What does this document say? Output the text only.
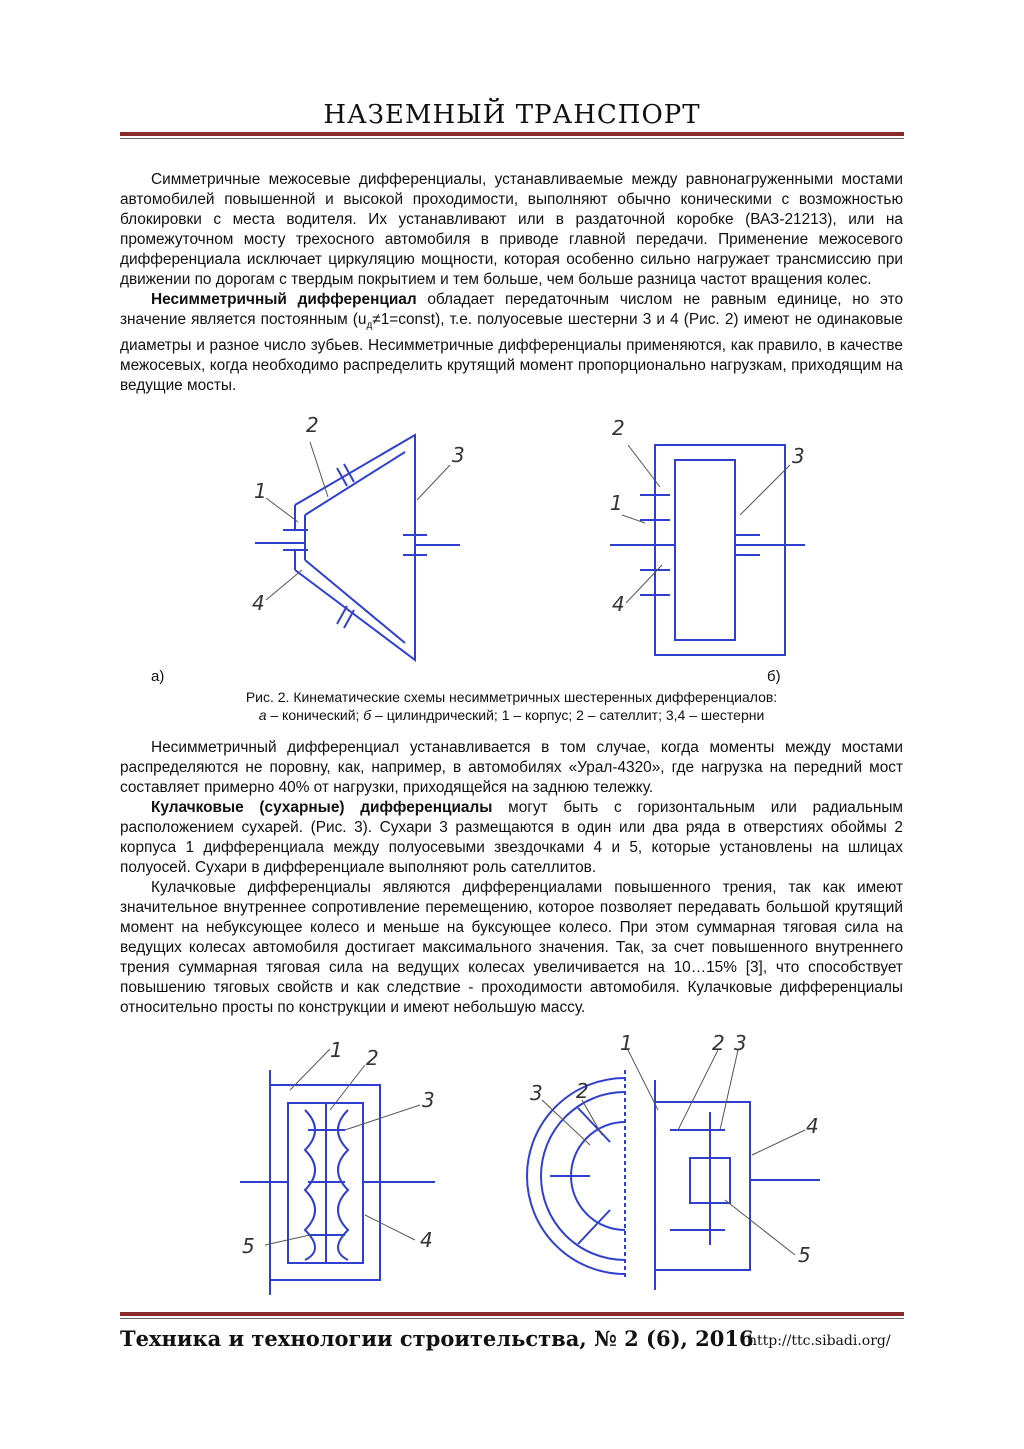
НАЗЕМНЫЙ ТРАНСПОРТ

Симметричные межосевые дифференциалы, устанавливаемые между равнонагруженными мостами автомобилей повышенной и высокой проходимости, выполняют обычно коническими с возможностью блокировки с места водителя. Их устанавливают или в раздаточной коробке (ВАЗ-21213), или на промежуточном мосту трехосного автомобиля в приводе главной передачи. Применение межосевого дифференциала исключает циркуляцию мощности, которая особенно сильно нагружает трансмиссию при движении по дорогам с твердым покрытием и тем больше, чем больше разница частот вращения колес.

Несимметричный дифференциал обладает передаточным числом не равным единице, но это значение является постоянным $(u_д\ne 1=const)$, т.е. полуосевые шестерни 3 и 4 (Рис. 2) имеют не одинаковые диаметры и разное число зубьев. Несимметричные дифференциалы применяются, как правило, в качестве межосевых, когда необходимо распределить крутящий момент пропорционально нагрузкам, приходящим на ведущие мосты.

1
2
3
4
1
2
3
4
а)	б)
Рис. 2. Кинематические схемы несимметричных шестеренных дифференциалов:
а – конический; б – цилиндрический; 1 – корпус; 2 – сателлит; 3,4 – шестерни

Несимметричный дифференциал устанавливается в том случае, когда моменты между мостами распределяются не поровну, как, например, в автомобилях «Урал-4320», где нагрузка на передний мост составляет примерно 40% от нагрузки, приходящейся на заднюю тележку.

Кулачковые (сухарные) дифференциалы могут быть с горизонтальным или радиальным расположением сухарей. (Рис. 3). Сухари 3 размещаются в один или два ряда в отверстиях обоймы 2 корпуса 1 дифференциала между полуосевыми звездочками 4 и 5, которые установлены на шлицах полуосей. Сухари в дифференциале выполняют роль сателлитов.

Кулачковые дифференциалы являются дифференциалами повышенного трения, так как имеют значительное внутреннее сопротивление перемещению, которое позволяет передавать большой крутящий момент на небуксующее колесо и меньше на буксующее колесо. При этом суммарная тяговая сила на ведущих колесах автомобиля достигает максимального значения. Так, за счет повышенного внутреннего трения суммарная тяговая сила на ведущих колесах увеличивается на 10…15% [3], что способствует повышению тяговых свойств и как следствие - проходимости автомобиля. Кулачковые дифференциалы относительно просты по конструкции и имеют небольшую массу.

1 2
3
4
5
1	2 3
4
5
3 2
Техника и технологии строительства, № 2 (6), 2016
http://ttc.sibadi.org/
